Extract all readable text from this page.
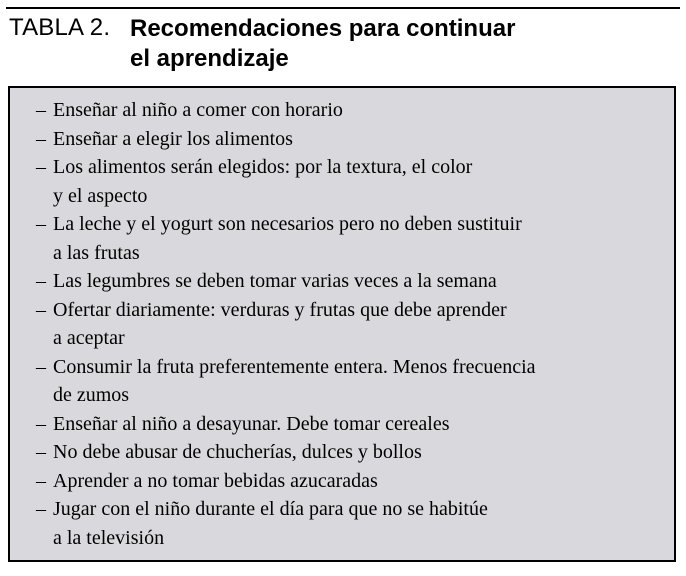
TABLA 2. Recomendaciones para continuar
el aprendizaje
– Enseñar al niño a comer con horario
– Enseñar a elegir los alimentos
– Los alimentos serán elegidos: por la textura, el color
y el aspecto
– La leche y el yogurt son necesarios pero no deben sustituir
a las frutas
– Las legumbres se deben tomar varias veces a la semana
– Ofertar diariamente: verduras y frutas que debe aprender
a aceptar
– Consumir la fruta preferentemente entera. Menos frecuencia
de zumos
– Enseñar al niño a desayunar. Debe tomar cereales
– No debe abusar de chucherías, dulces y bollos
– Aprender a no tomar bebidas azucaradas
– Jugar con el niño durante el día para que no se habitúe
a la televisión
